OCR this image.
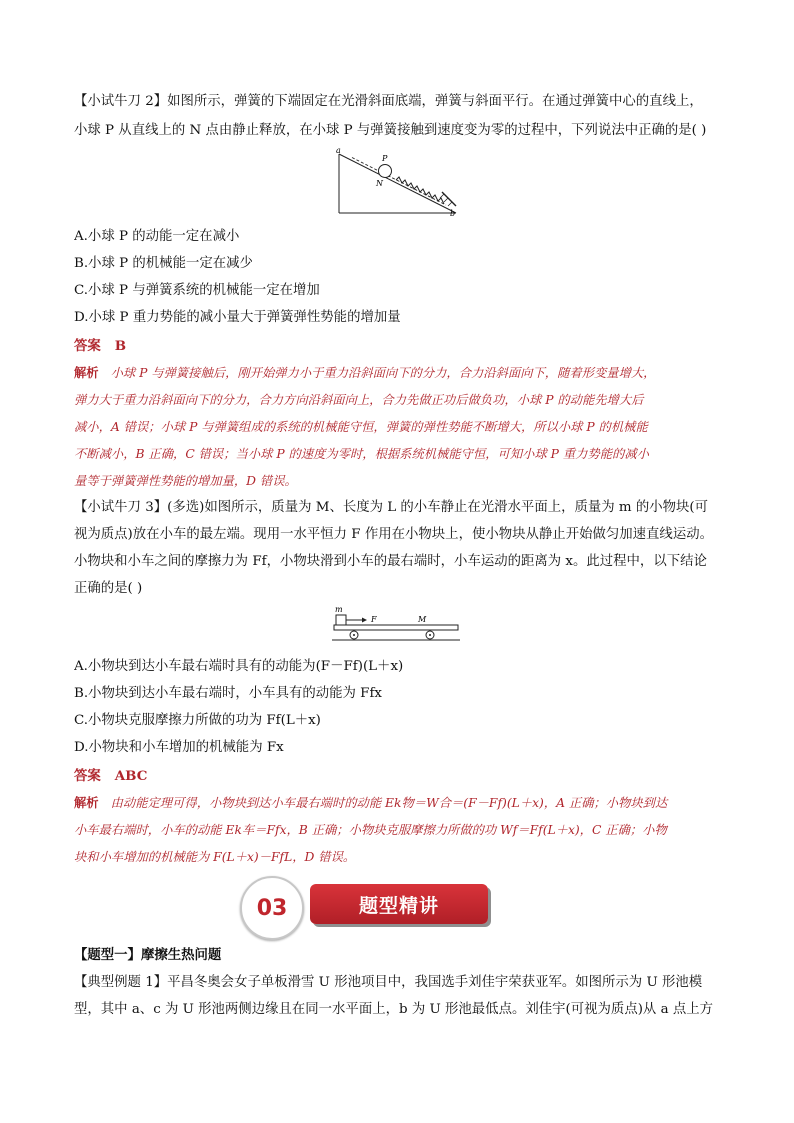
【小试牛刀 2】如图所示，弹簧的下端固定在光滑斜面底端，弹簧与斜面平行。在通过弹簧中心的直线上，
小球 P 从直线上的 N 点由静止释放，在小球 P 与弹簧接触到速度变为零的过程中，下列说法中正确的是( )
a
P
N
b
A.小球 P 的动能一定在减小
B.小球 P 的机械能一定在减少
C.小球 P 与弹簧系统的机械能一定在增加
D.小球 P 重力势能的减小量大于弹簧弹性势能的增加量
答案 B
解析 小球 P 与弹簧接触后，刚开始弹力小于重力沿斜面向下的分力，合力沿斜面向下，随着形变量增大，
弹力大于重力沿斜面向下的分力，合力方向沿斜面向上，合力先做正功后做负功，小球 P 的动能先增大后
减小，A 错误；小球 P 与弹簧组成的系统的机械能守恒，弹簧的弹性势能不断增大，所以小球 P 的机械能
不断减小，B 正确，C 错误；当小球 P 的速度为零时，根据系统机械能守恒，可知小球 P 重力势能的减小
量等于弹簧弹性势能的增加量，D 错误。
【小试牛刀 3】(多选)如图所示，质量为 M、长度为 L 的小车静止在光滑水平面上，质量为 m 的小物块(可
视为质点)放在小车的最左端。现用一水平恒力 F 作用在小物块上，使小物块从静止开始做匀加速直线运动。
小物块和小车之间的摩擦力为 Ff，小物块滑到小车的最右端时，小车运动的距离为 x。此过程中，以下结论
正确的是( )
m
F	M
A.小物块到达小车最右端时具有的动能为(F－Ff)(L＋x)
B.小物块到达小车最右端时，小车具有的动能为 Ffx
C.小物块克服摩擦力所做的功为 Ff(L＋x)
D.小物块和小车增加的机械能为 Fx
答案 ABC
解析 由动能定理可得，小物块到达小车最右端时的动能 Ek物＝W合＝(F－Ff)(L＋x)，A 正确；小物块到达
小车最右端时，小车的动能 Ek车＝Ffx，B 正确；小物块克服摩擦力所做的功 Wf＝Ff(L＋x)，C 正确；小物
块和小车增加的机械能为 F(L＋x)－FfL，D 错误。
03	题型精讲
【题型一】摩擦生热问题
【典型例题 1】平昌冬奥会女子单板滑雪 U 形池项目中，我国选手刘佳宇荣获亚军。如图所示为 U 形池模
型，其中 a、c 为 U 形池两侧边缘且在同一水平面上，b 为 U 形池最低点。刘佳宇(可视为质点)从 a 点上方
